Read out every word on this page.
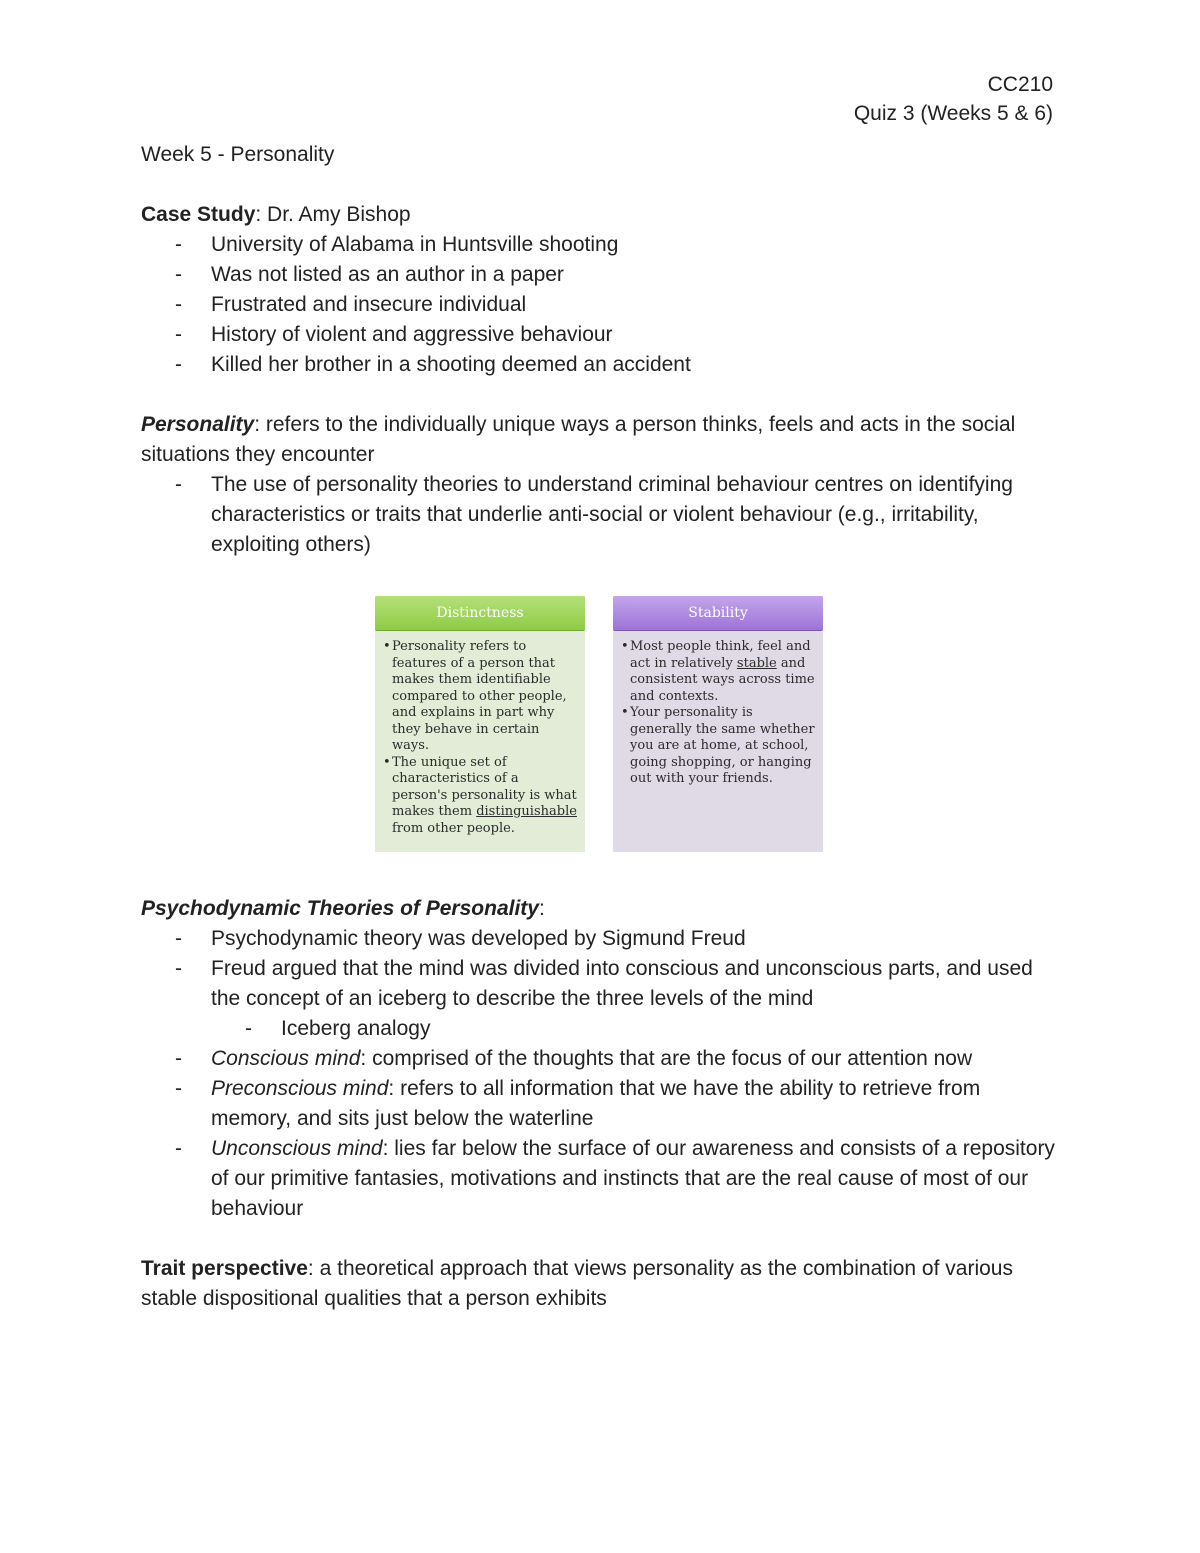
CC210
Quiz 3 (Weeks 5 & 6)

Week 5 - Personality

Case Study: Dr. Amy Bishop

- University of Alabama in Huntsville shooting
- Was not listed as an author in a paper
- Frustrated and insecure individual
- History of violent and aggressive behaviour
- Killed her brother in a shooting deemed an accident

Personality: refers to the individually unique ways a person thinks, feels and acts in the social situations they encounter

- The use of personality theories to understand criminal behaviour centres on identifying characteristics or traits that underlie anti-social or violent behaviour (e.g., irritability, exploiting others)
Distinctness
• Personality refers to features of a person that makes them identifiable compared to other people, and explains in part why they behave in certain ways.
• The unique set of characteristics of a person's personality is what makes them distinguishable from other people.
Stability
• Most people think, feel and act in relatively stable and consistent ways across time and contexts.
• Your personality is generally the same whether you are at home, at school, going shopping, or hanging out with your friends.

Psychodynamic Theories of Personality:

- Psychodynamic theory was developed by Sigmund Freud
- Freud argued that the mind was divided into conscious and unconscious parts, and used the concept of an iceberg to describe the three levels of the mind
- Iceberg analogy
- Conscious mind: comprised of the thoughts that are the focus of our attention now
- Preconscious mind: refers to all information that we have the ability to retrieve from memory, and sits just below the waterline
- Unconscious mind: lies far below the surface of our awareness and consists of a repository of our primitive fantasies, motivations and instincts that are the real cause of most of our behaviour

Trait perspective: a theoretical approach that views personality as the combination of various stable dispositional qualities that a person exhibits
